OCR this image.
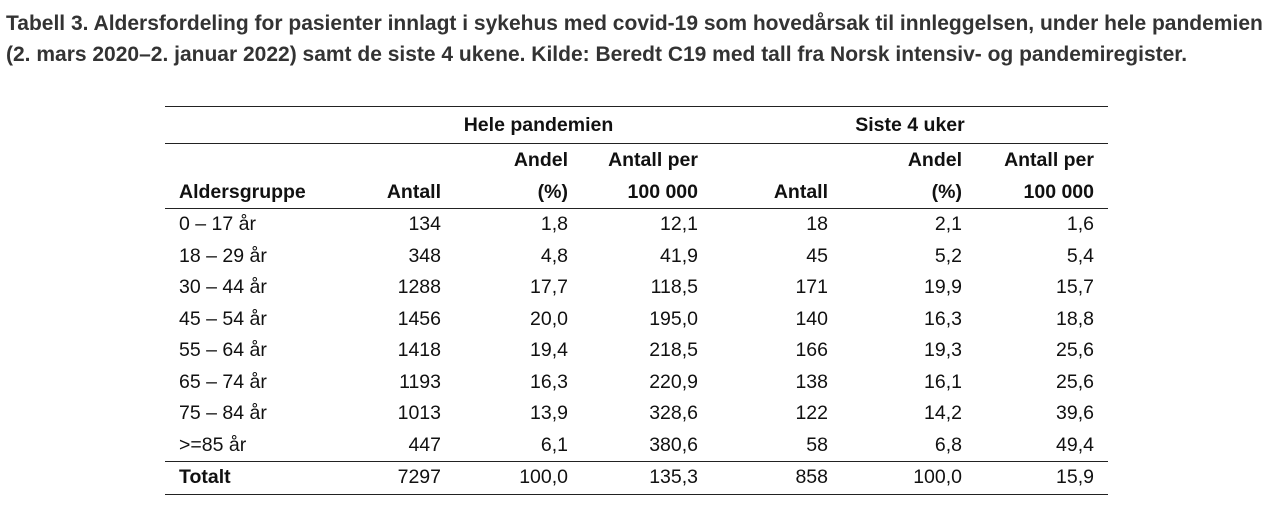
Tabell 3. Aldersfordeling for pasienter innlagt i sykehus med covid-19 som hovedårsak til innleggelsen, under hele pandemien (2. mars 2020–2. januar 2022) samt de siste 4 ukene. Kilde: Beredt C19 med tall fra Norsk intensiv- og pandemiregister.

	Hele pandemien			Siste 4 uker		
		Andel	Antall per		Andel	Antall per
Aldersgruppe	Antall	(%)	100 000	Antall	(%)	100 000
0 – 17 år	134	1,8	12,1	18	2,1	1,6
18 – 29 år	348	4,8	41,9	45	5,2	5,4
30 – 44 år	1288	17,7	118,5	171	19,9	15,7
45 – 54 år	1456	20,0	195,0	140	16,3	18,8
55 – 64 år	1418	19,4	218,5	166	19,3	25,6
65 – 74 år	1193	16,3	220,9	138	16,1	25,6
75 – 84 år	1013	13,9	328,6	122	14,2	39,6
>=85 år	447	6,1	380,6	58	6,8	49,4
Totalt	7297	100,0	135,3	858	100,0	15,9
